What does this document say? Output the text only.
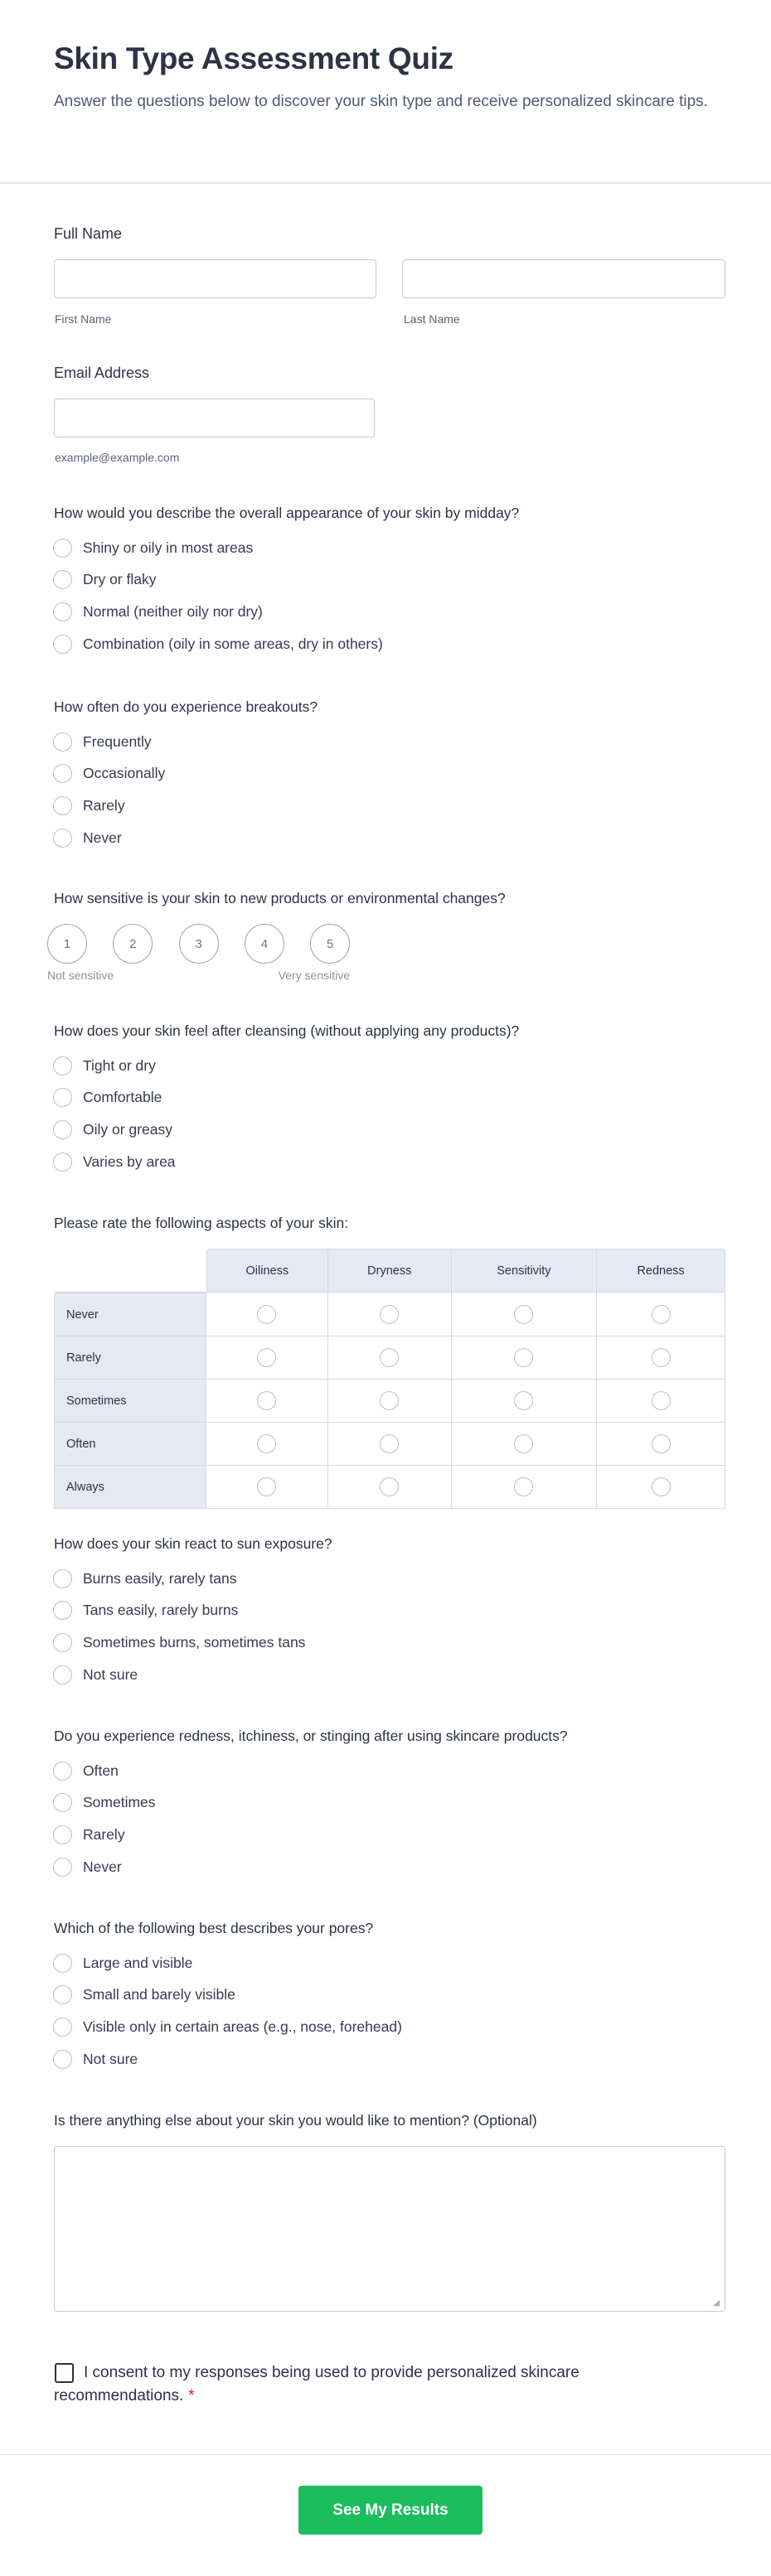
Skin Type Assessment Quiz
Answer the questions below to discover your skin type and receive personalized skincare tips.
Full Name
First Name	Last Name
Email Address
example@example.com
How would you describe the overall appearance of your skin by midday?
Shiny or oily in most areas
Dry or flaky
Normal (neither oily nor dry)
Combination (oily in some areas, dry in others)
How often do you experience breakouts?
Frequently
Occasionally
Rarely
Never
How does your skin feel after cleansing (without applying any products)?
Tight or dry
Comfortable
Oily or greasy
Varies by area
How does your skin react to sun exposure?
Burns easily, rarely tans
Tans easily, rarely burns
Sometimes burns, sometimes tans
Not sure
Do you experience redness, itchiness, or stinging after using skincare products?
Often
Sometimes
Rarely
Never
Which of the following best describes your pores?
Large and visible
Small and barely visible
Visible only in certain areas (e.g., nose, forehead)
Not sure
How sensitive is your skin to new products or environmental changes?
1	2	3	4	5
Not sensitive	Very sensitive
Please rate the following aspects of your skin:
	Oiliness	Dryness	Sensitivity	Redness
Never				
Rarely				
Sometimes				
Often				
Always				
Is there anything else about your skin you would like to mention? (Optional)
◢
I consent to my responses being used to provide personalized skincare recommendations. *
See My Results
